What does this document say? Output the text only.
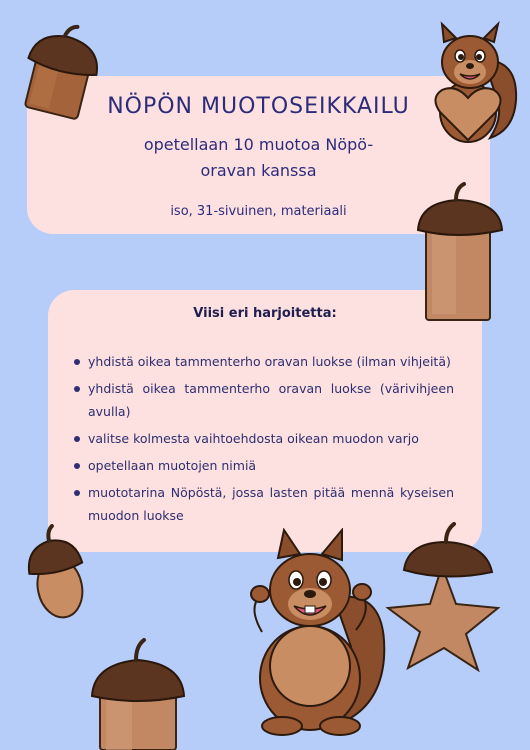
NÖPÖN MUOTOSEIKKAILU
opetellaan 10 muotoa Nöpö-
oravan kanssa
iso, 31-sivuinen, materiaali
Viisi eri harjoitetta:
yhdistä oikea tammenterho oravan luokse (ilman vihjeitä)
yhdistä oikea tammenterho oravan luokse (värivihjeen avulla)
valitse kolmesta vaihtoehdosta oikean muodon varjo
opetellaan muotojen nimiä
muototarina Nöpöstä, jossa lasten pitää mennä kyseisen muodon luokse
